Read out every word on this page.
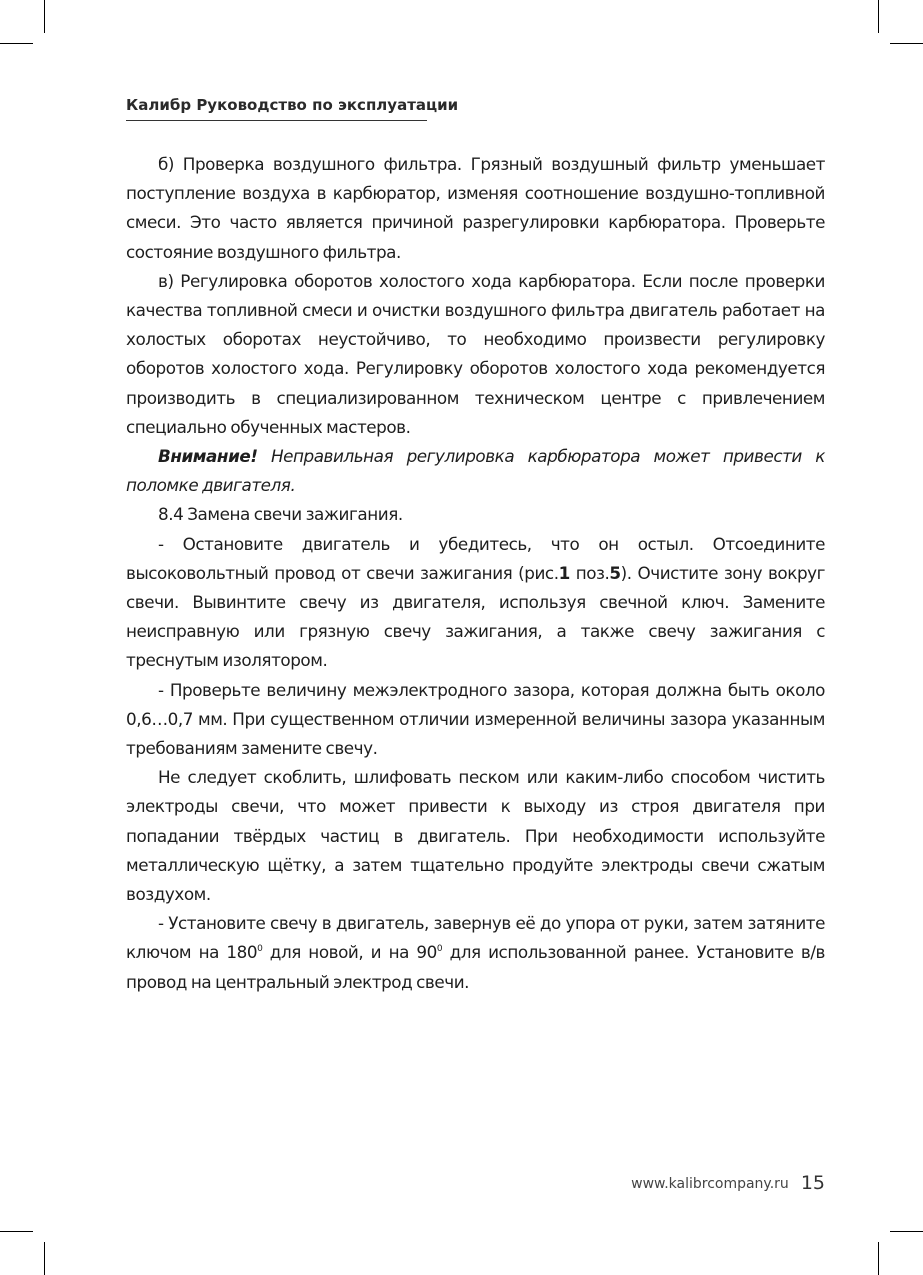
Калибр Руководство по эксплуатации

б) Проверка воздушного фильтра. Грязный воздушный фильтр уменьшает поступление воздуха в карбюратор, изменяя соотношение воздушно-топливной смеси. Это часто является причиной разрегулировки карбюратора. Проверьте состояние воздушного фильтра.

в) Регулировка оборотов холостого хода карбюратора. Если после проверки качества топливной смеси и очистки воздушного фильтра двигатель работает на холостых оборотах неустойчиво, то необходимо произвести регулировку оборотов холостого хода. Регулировку оборотов холостого хода рекомендуется производить в специализированном техническом центре с привлечением специально обученных мастеров.

Внимание! Неправильная регулировка карбюратора может привести к поломке двигателя.

8.4 Замена свечи зажигания.

- Остановите двигатель и убедитесь, что он остыл. Отсоедините высоковольтный провод от свечи зажигания (рис.1 поз.5). Очистите зону вокруг свечи. Вывинтите свечу из двигателя, используя свечной ключ. Замените неисправную или грязную свечу зажигания, а также свечу зажигания с треснутым изолятором.

- Проверьте величину межэлектродного зазора, которая должна быть около 0,6…0,7 мм. При существенном отличии измеренной величины зазора указанным требованиям замените свечу.

Не следует скоблить, шлифовать песком или каким-либо способом чистить электроды свечи, что может привести к выходу из строя двигателя при попадании твёрдых частиц в двигатель. При необходимости используйте металлическую щётку, а затем тщательно продуйте электроды свечи сжатым воздухом.

- Установите свечу в двигатель, завернув её до упора от руки, затем затяните ключом на $180^0$ для новой, и на $90^0$ для использованной ранее. Установите в/в провод на центральный электрод свечи.

www.kalibrcompany.ru 15
